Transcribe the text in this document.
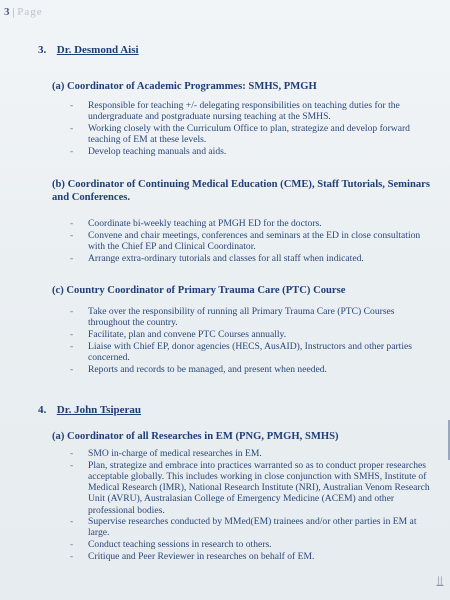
3 | Page
3. Dr. Desmond Aisi
(a) Coordinator of Academic Programmes: SMHS, PMGH
- Responsible for teaching +/- delegating responsibilities on teaching duties for the undergraduate and postgraduate nursing teaching at the SMHS.
- Working closely with the Curriculum Office to plan, strategize and develop forward teaching of EM at these levels.
- Develop teaching manuals and aids.
(b) Coordinator of Continuing Medical Education (CME), Staff Tutorials, Seminars and Conferences.
- Coordinate bi-weekly teaching at PMGH ED for the doctors.
- Convene and chair meetings, conferences and seminars at the ED in close consultation with the Chief EP and Clinical Coordinator.
- Arrange extra-ordinary tutorials and classes for all staff when indicated.
(c) Country Coordinator of Primary Trauma Care (PTC) Course
- Take over the responsibility of running all Primary Trauma Care (PTC) Courses throughout the country.
- Facilitate, plan and convene PTC Courses annually.
- Liaise with Chief EP, donor agencies (HECS, AusAID), Instructors and other parties concerned.
- Reports and records to be managed, and present when needed.
4. Dr. John Tsiperau
(a) Coordinator of all Researches in EM (PNG, PMGH, SMHS)
- SMO in-charge of medical researches in EM.
- Plan, strategize and embrace into practices warranted so as to conduct proper researches acceptable globally. This includes working in close conjunction with SMHS, Institute of Medical Research (IMR), National Research Institute (NRI), Australian Venom Research Unit (AVRU), Australasian College of Emergency Medicine (ACEM) and other professional bodies.
- Supervise researches conducted by MMed(EM) trainees and/or other parties in EM at large.
- Conduct teaching sessions in research to others.
- Critique and Peer Reviewer in researches on behalf of EM.
⫫
